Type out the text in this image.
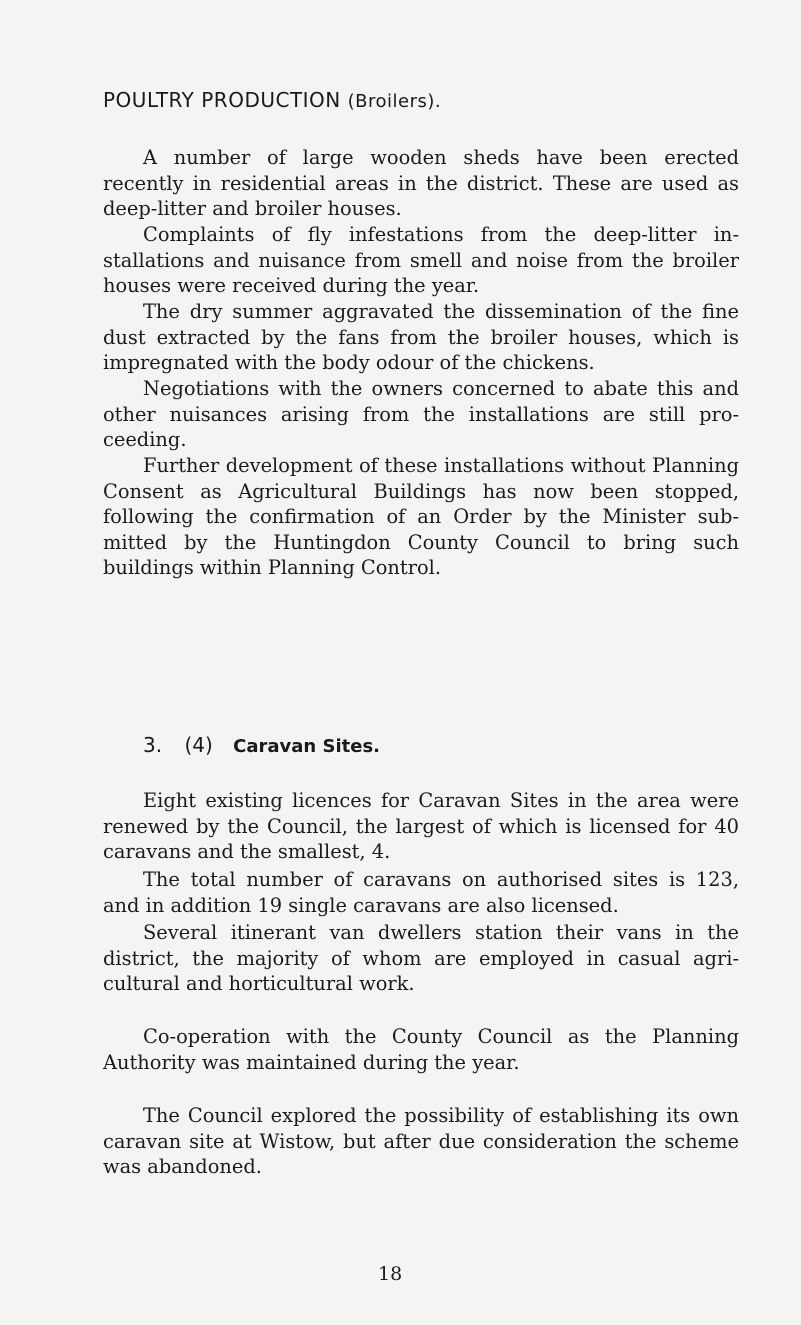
POULTRY PRODUCTION (Broilers).

A number of large wooden sheds have been erected recently in residential areas in the district. These are used as deep-litter and broiler houses.

Complaints of fly infestations from the deep-litter installations and nuisance from smell and noise from the broiler houses were received during the year.

The dry summer aggravated the dissemination of the fine dust extracted by the fans from the broiler houses, which is impregnated with the body odour of the chickens.

Negotiations with the owners concerned to abate this and other nuisances arising from the installations are still proceeding.

Further development of these installations without Planning Consent as Agricultural Buildings has now been stopped, following the confirmation of an Order by the Minister submitted by the Huntingdon County Council to bring such buildings within Planning Control.

3. (4) Caravan Sites.

Eight existing licences for Caravan Sites in the area were renewed by the Council, the largest of which is licensed for 40 caravans and the smallest, 4.

The total number of caravans on authorised sites is 123, and in addition 19 single caravans are also licensed.

Several itinerant van dwellers station their vans in the district, the majority of whom are employed in casual agricultural and horticultural work.

Co-operation with the County Council as the Planning Authority was maintained during the year.

The Council explored the possibility of establishing its own caravan site at Wistow, but after due consideration the scheme was abandoned.

18
